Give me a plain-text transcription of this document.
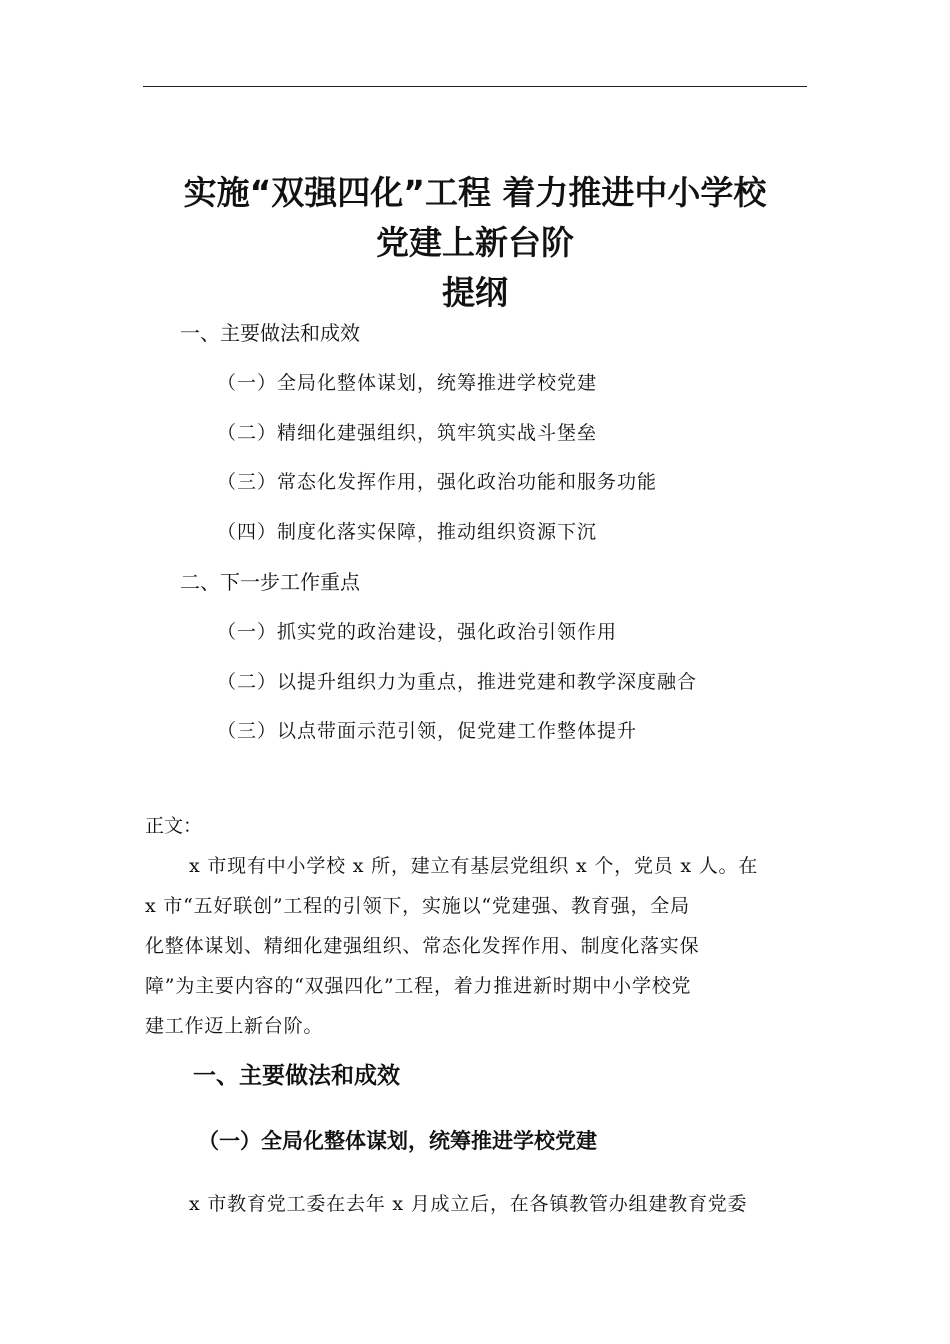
实施“双强四化”工程 着力推进中小学校
党建上新台阶
提纲
一、主要做法和成效
（一）全局化整体谋划，统筹推进学校党建
（二）精细化建强组织，筑牢筑实战斗堡垒
（三）常态化发挥作用，强化政治功能和服务功能
（四）制度化落实保障，推动组织资源下沉
二、下一步工作重点
（一）抓实党的政治建设，强化政治引领作用
（二）以提升组织力为重点，推进党建和教学深度融合
（三）以点带面示范引领，促党建工作整体提升
正文：
x 市现有中小学校 x 所，建立有基层党组织 x 个，党员 x 人。在
x 市“五好联创”工程的引领下，实施以“党建强、教育强，全局
化整体谋划、精细化建强组织、常态化发挥作用、制度化落实保
障”为主要内容的“双强四化”工程，着力推进新时期中小学校党
建工作迈上新台阶。
一、主要做法和成效
（一）全局化整体谋划，统筹推进学校党建
x 市教育党工委在去年 x 月成立后，在各镇教管办组建教育党委
